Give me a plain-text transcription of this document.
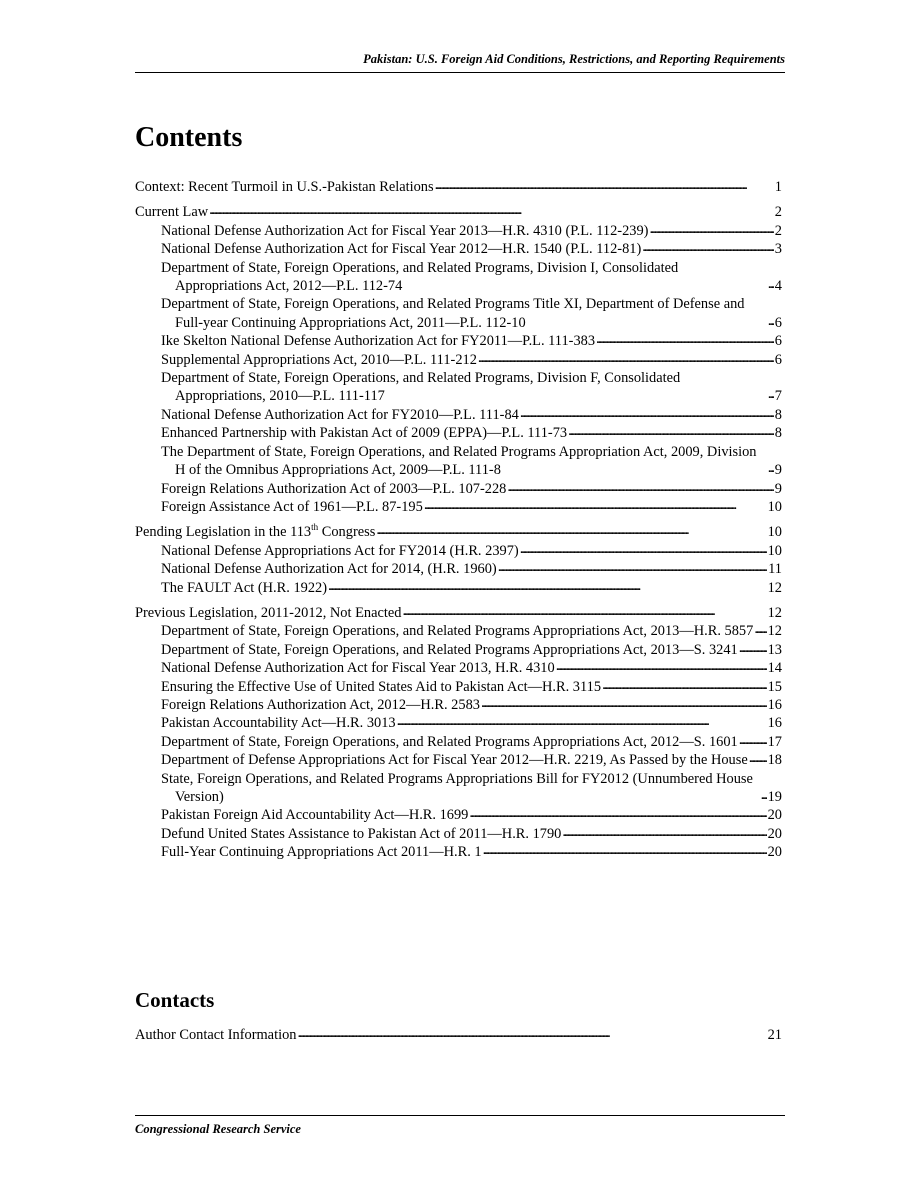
Pakistan: U.S. Foreign Aid Conditions, Restrictions, and Reporting Requirements
Contents
Context: Recent Turmoil in U.S.-Pakistan Relations . . .	1
Current Law . . .	2
National Defense Authorization Act for Fiscal Year 2013—H.R. 4310 (P.L. 112-239) . . .	2
National Defense Authorization Act for Fiscal Year 2012—H.R. 1540 (P.L. 112-81) . . .	3
Department of State, Foreign Operations, and Related Programs, Division I, Consolidated Appropriations Act, 2012—P.L. 112-74 . . .	4
Department of State, Foreign Operations, and Related Programs Title XI, Department of Defense and Full-year Continuing Appropriations Act, 2011—P.L. 112-10 . . .	6
Ike Skelton National Defense Authorization Act for FY2011—P.L. 111-383 . . .	6
Supplemental Appropriations Act, 2010—P.L. 111-212 . . .	6
Department of State, Foreign Operations, and Related Programs, Division F, Consolidated Appropriations, 2010—P.L. 111-117 . . .	7
National Defense Authorization Act for FY2010—P.L. 111-84 . . .	8
Enhanced Partnership with Pakistan Act of 2009 (EPPA)—P.L. 111-73 . . .	8
The Department of State, Foreign Operations, and Related Programs Appropriation Act, 2009, Division H of the Omnibus Appropriations Act, 2009—P.L. 111-8 . . .	9
Foreign Relations Authorization Act of 2003—P.L. 107-228 . . .	9
Foreign Assistance Act of 1961—P.L. 87-195 . . .	10
Pending Legislation in the 113th Congress . . .	10
National Defense Appropriations Act for FY2014 (H.R. 2397) . . .	10
National Defense Authorization Act for 2014, (H.R. 1960) . . .	11
The FAULT Act (H.R. 1922) . . .	12
Previous Legislation, 2011-2012, Not Enacted . . .	12
Department of State, Foreign Operations, and Related Programs Appropriations Act, 2013—H.R. 5857 . . . 12
Department of State, Foreign Operations, and Related Programs Appropriations Act, 2013—S. 3241 . . . 13
National Defense Authorization Act for Fiscal Year 2013, H.R. 4310 . . .	14
Ensuring the Effective Use of United States Aid to Pakistan Act—H.R. 3115 . . .	15
Foreign Relations Authorization Act, 2012—H.R. 2583 . . .	16
Pakistan Accountability Act—H.R. 3013 . . .	16
Department of State, Foreign Operations, and Related Programs Appropriations Act, 2012—S. 1601 . . . 17
Department of Defense Appropriations Act for Fiscal Year 2012—H.R. 2219, As Passed by the House . . . 18
State, Foreign Operations, and Related Programs Appropriations Bill for FY2012 (Unnumbered House Version) . . .	19
Pakistan Foreign Aid Accountability Act—H.R. 1699 . . .	20
Defund United States Assistance to Pakistan Act of 2011—H.R. 1790 . . .	20
Full-Year Continuing Appropriations Act 2011—H.R. 1 . . .	20
Contacts
Author Contact Information . . .	21
Congressional Research Service
